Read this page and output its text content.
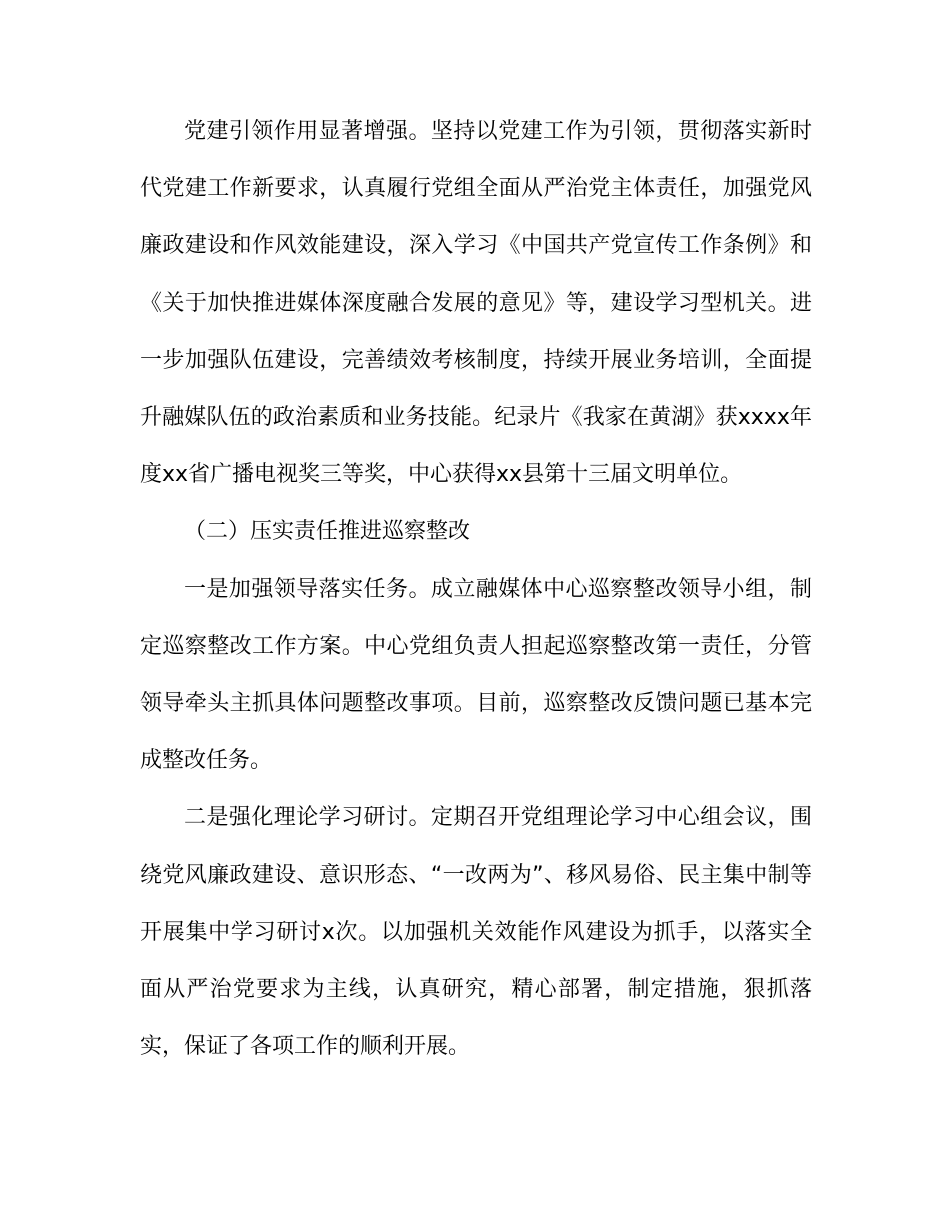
党建引领作用显著增强。坚持以党建工作为引领，贯彻落实新时代党建工作新要求，认真履行党组全面从严治党主体责任，加强党风廉政建设和作风效能建设，深入学习《中国共产党宣传工作条例》和《关于加快推进媒体深度融合发展的意见》等，建设学习型机关。进一步加强队伍建设，完善绩效考核制度，持续开展业务培训，全面提升融媒队伍的政治素质和业务技能。纪录片《我家在黄湖》获xxxx年度xx省广播电视奖三等奖，中心获得xx县第十三届文明单位。

（二）压实责任推进巡察整改

一是加强领导落实任务。成立融媒体中心巡察整改领导小组，制定巡察整改工作方案。中心党组负责人担起巡察整改第一责任，分管领导牵头主抓具体问题整改事项。目前，巡察整改反馈问题已基本完成整改任务。

二是强化理论学习研讨。定期召开党组理论学习中心组会议，围绕党风廉政建设、意识形态、“一改两为”、移风易俗、民主集中制等开展集中学习研讨x次。以加强机关效能作风建设为抓手，以落实全面从严治党要求为主线，认真研究，精心部署，制定措施，狠抓落实，保证了各项工作的顺利开展。
